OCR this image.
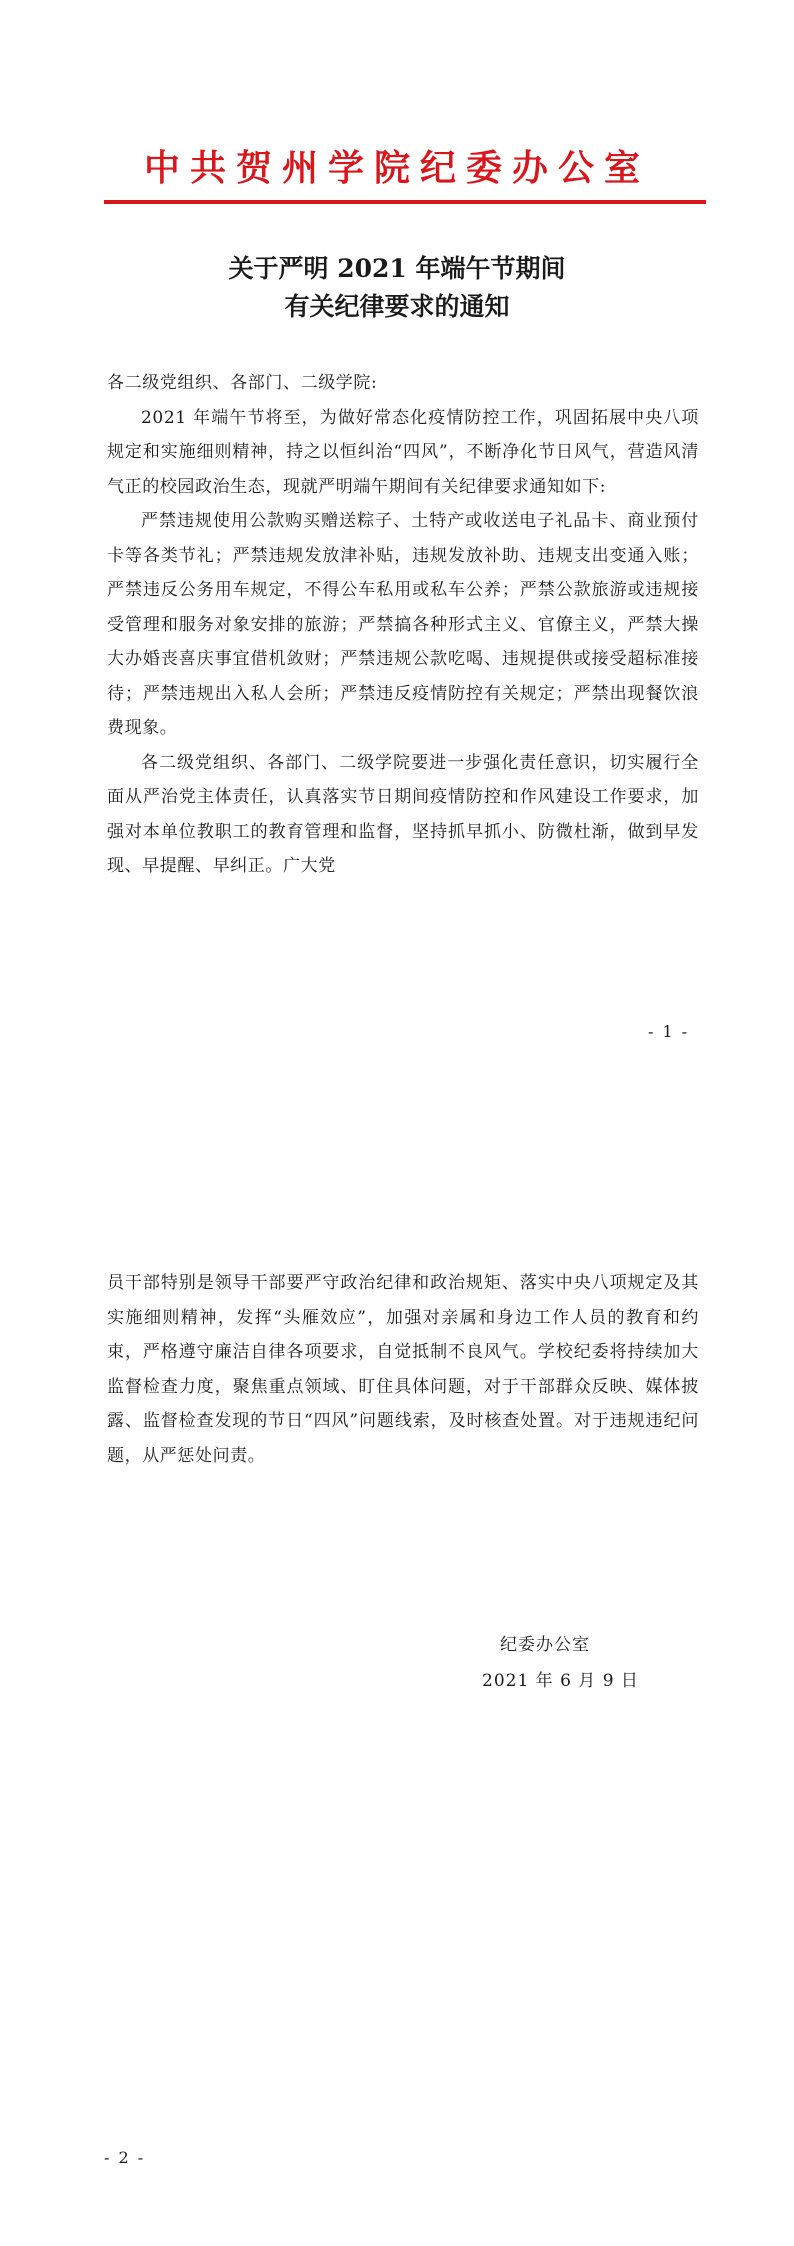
中共贺州学院纪委办公室
关于严明 2021 年端午节期间
有关纪律要求的通知

各二级党组织、各部门、二级学院:

2021 年端午节将至，为做好常态化疫情防控工作，巩固拓展中央八项规定和实施细则精神，持之以恒纠治“四风”，不断净化节日风气，营造风清气正的校园政治生态，现就严明端午期间有关纪律要求通知如下:

严禁违规使用公款购买赠送粽子、土特产或收送电子礼品卡、商业预付卡等各类节礼；严禁违规发放津补贴，违规发放补助、违规支出变通入账；严禁违反公务用车规定，不得公车私用或私车公养；严禁公款旅游或违规接受管理和服务对象安排的旅游；严禁搞各种形式主义、官僚主义，严禁大操大办婚丧喜庆事宜借机敛财；严禁违规公款吃喝、违规提供或接受超标准接待；严禁违规出入私人会所；严禁违反疫情防控有关规定；严禁出现餐饮浪费现象。

各二级党组织、各部门、二级学院要进一步强化责任意识，切实履行全面从严治党主体责任，认真落实节日期间疫情防控和作风建设工作要求，加强对本单位教职工的教育管理和监督，坚持抓早抓小、防微杜渐，做到早发现、早提醒、早纠正。广大党

- 1 -

员干部特别是领导干部要严守政治纪律和政治规矩、落实中央八项规定及其实施细则精神，发挥“头雁效应”，加强对亲属和身边工作人员的教育和约束，严格遵守廉洁自律各项要求，自觉抵制不良风气。学校纪委将持续加大监督检查力度，聚焦重点领域、盯住具体问题，对于干部群众反映、媒体披露、监督检查发现的节日“四风”问题线索，及时核查处置。对于违规违纪问题，从严惩处问责。

纪委办公室
2021 年 6 月 9 日
- 2 -
